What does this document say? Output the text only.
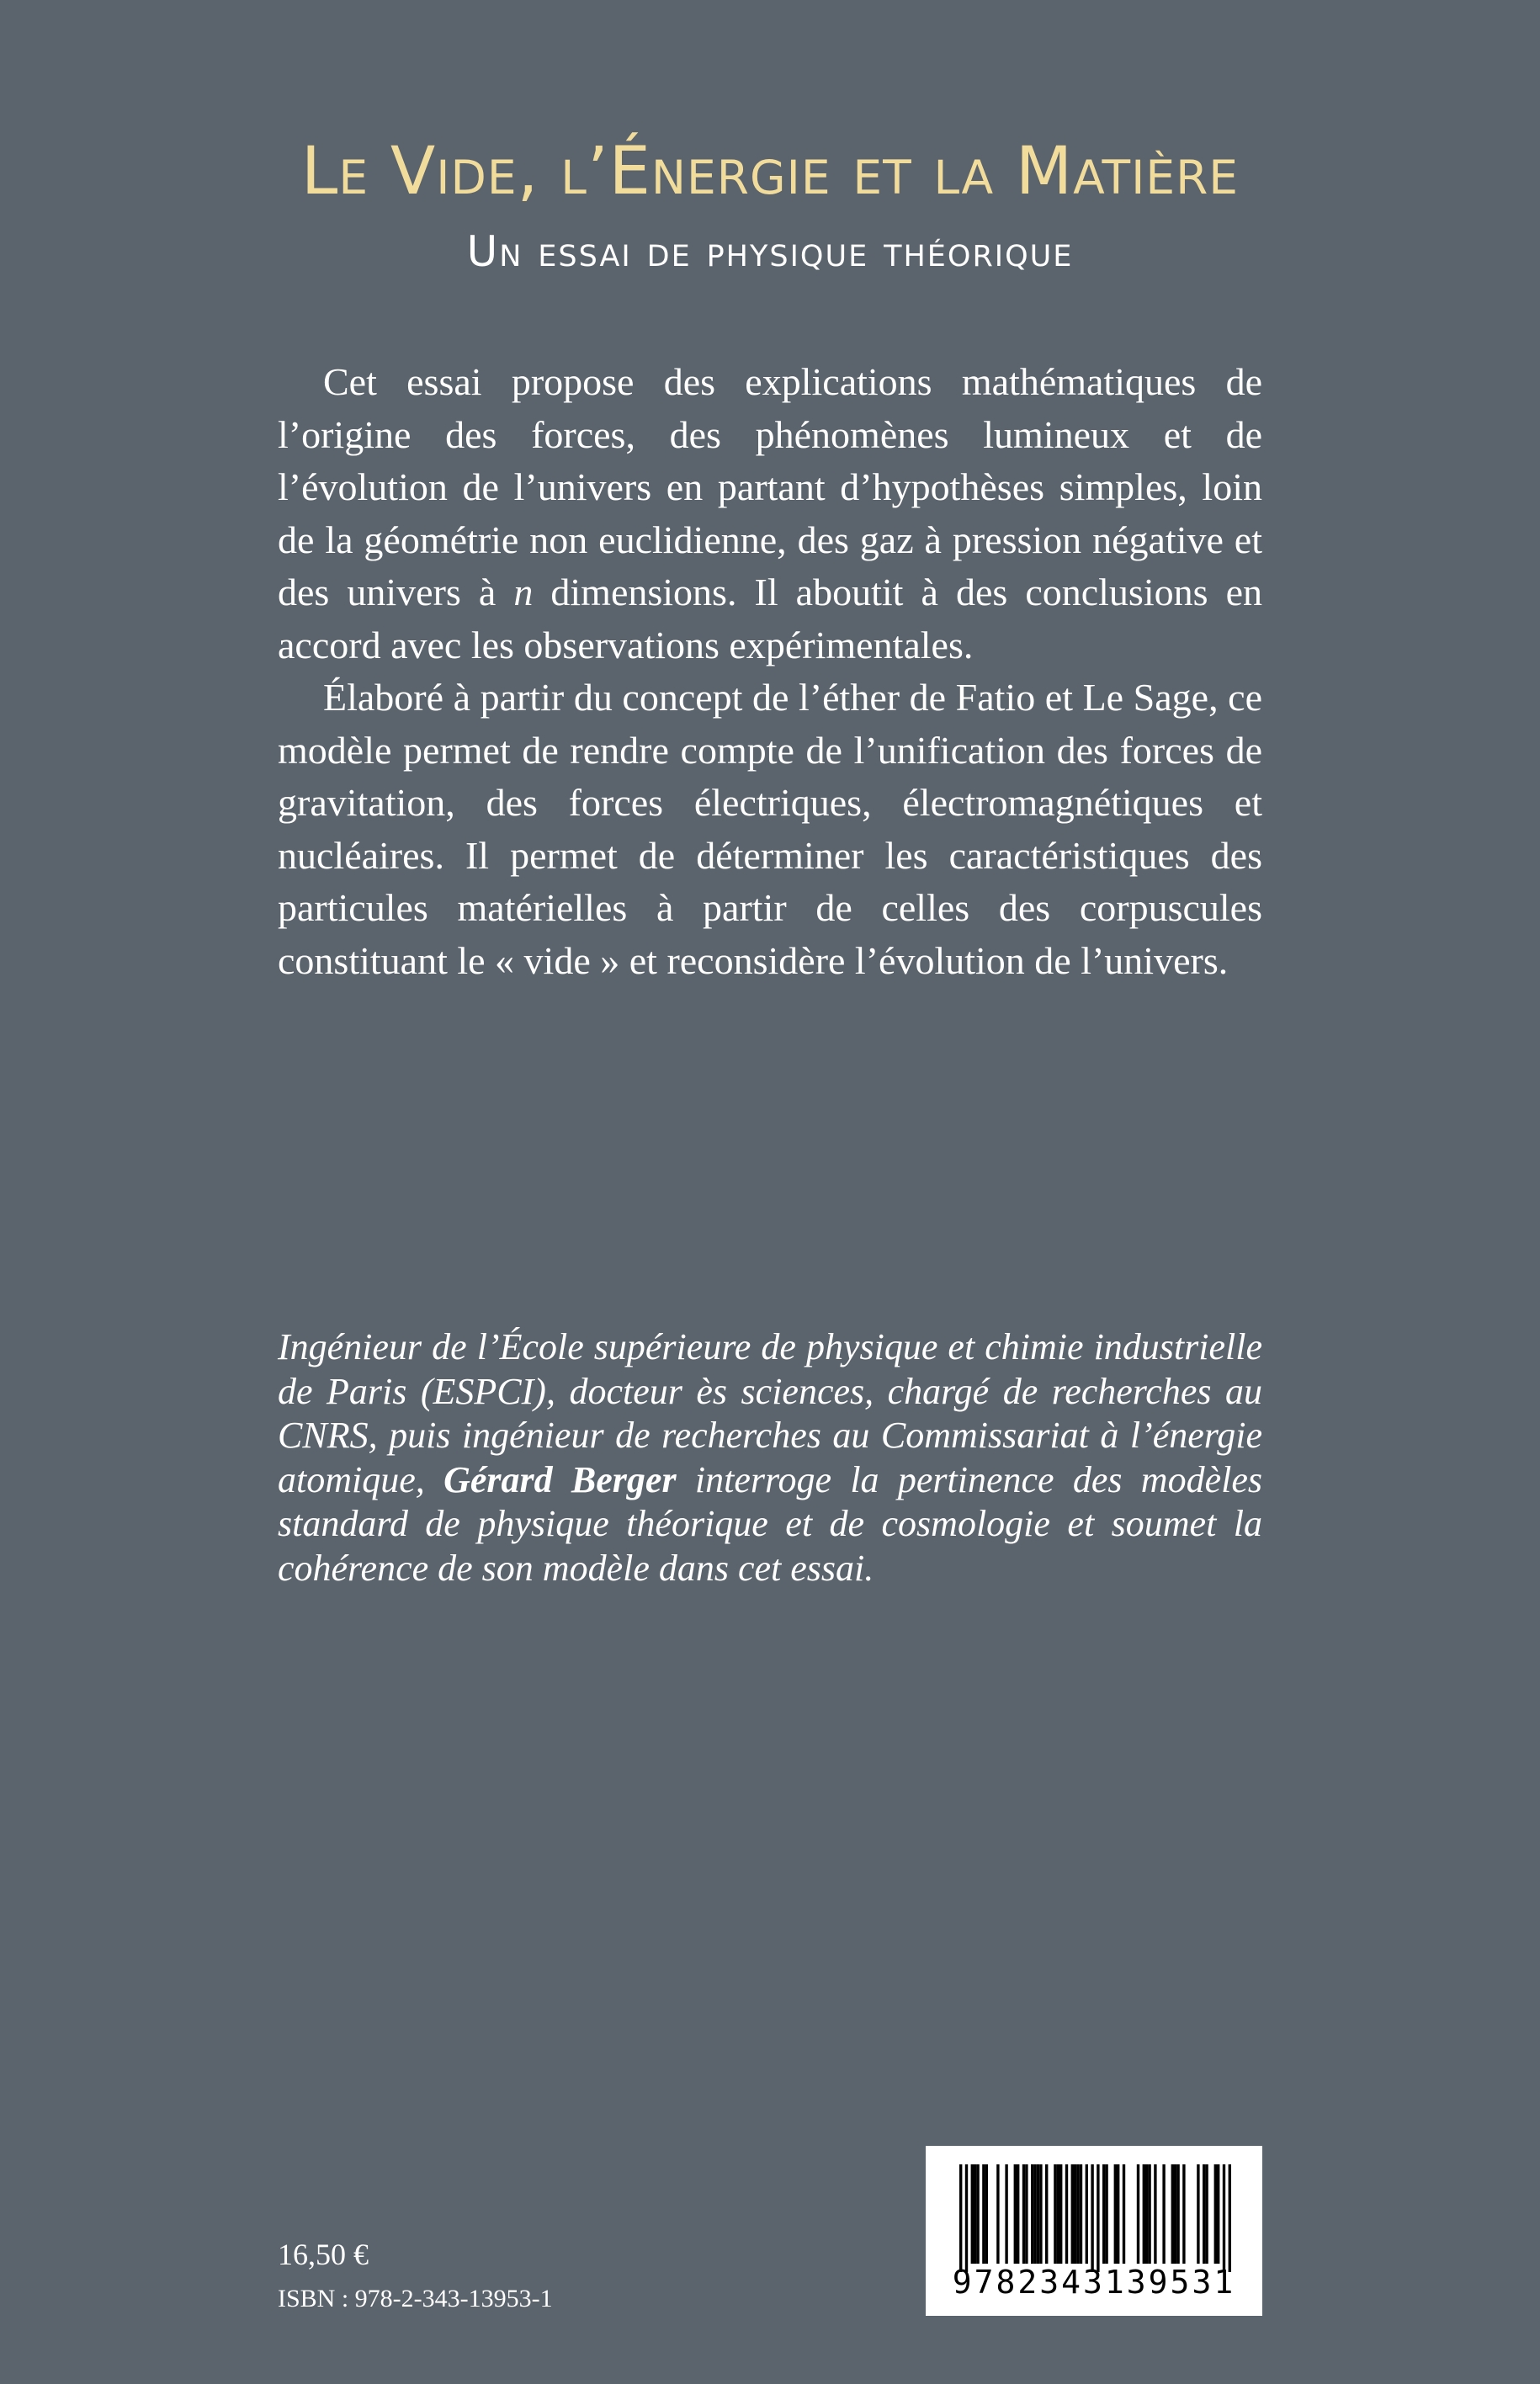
Le Vide, l’Énergie et la Matière
Un essai de physique théorique

Cet essai propose des explications mathématiques de l’origine des forces, des phénomènes lumineux et de l’évolution de l’univers en partant d’hypothèses simples, loin de la géométrie non euclidienne, des gaz à pression négative et des univers à n dimensions. Il aboutit à des conclusions en accord avec les observations expérimentales.

Élaboré à partir du concept de l’éther de Fatio et Le Sage, ce modèle permet de rendre compte de l’unification des forces de gravitation, des forces électriques, électromagnétiques et nucléaires. Il permet de déterminer les caractéristiques des particules matérielles à partir de celles des corpuscules constituant le « vide » et reconsidère l’évolution de l’univers.

Ingénieur de l’École supérieure de physique et chimie industrielle de Paris (ESPCI), docteur ès sciences, chargé de recherches au CNRS, puis ingénieur de recherches au Commissariat à l’énergie atomique, Gérard Berger interroge la pertinence des modèles standard de physique théorique et de cosmologie et soumet la cohérence de son modèle dans cet essai.

16,50 €
ISBN : 978-2-343-13953-1	9782343139531
